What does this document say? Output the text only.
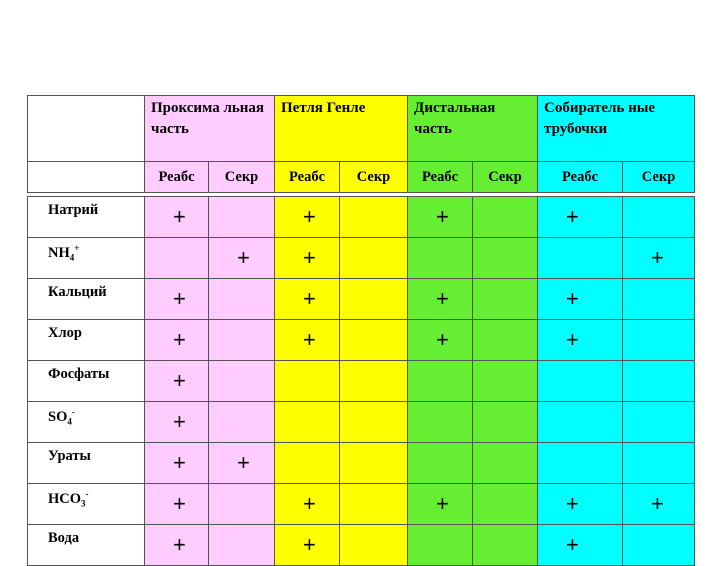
	Проксима льная часть		Петля Генле		Дистальная часть		Собиратель ные трубочки	
	Реабс	Секр	Реабс	Секр	Реабс	Секр	Реабс	Секр
Натрий	+		+		+		+	
$NH_4^+$		+	+					+
Кальций	+		+		+		+	
Хлор	+		+		+		+	
Фосфаты	+							
$SO_4^-$	+							
Ураты	+	+						
$HCO_3^-$	+		+		+		+	+
Вода	+		+				+	
